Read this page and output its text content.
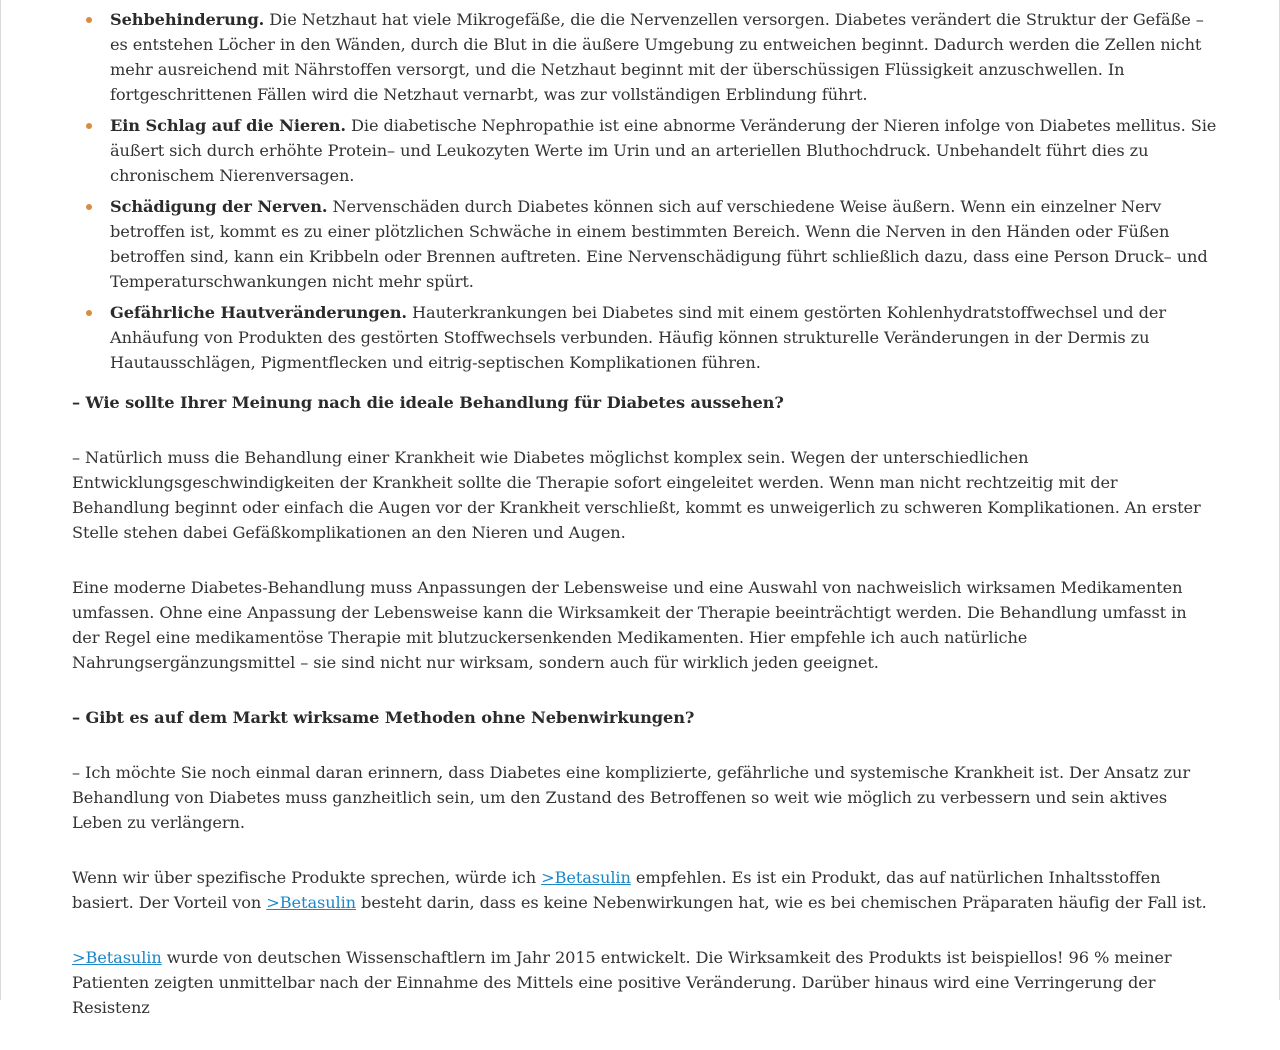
Sehbehinderung. Die Netzhaut hat viele Mikrogefäße, die die Nervenzellen versorgen. Diabetes verändert die Struktur der Gefäße – es entstehen Löcher in den Wänden, durch die Blut in die äußere Umgebung zu entweichen beginnt. Dadurch werden die Zellen nicht mehr ausreichend mit Nährstoffen versorgt, und die Netzhaut beginnt mit der überschüssigen Flüssigkeit anzuschwellen. In fortgeschrittenen Fällen wird die Netzhaut vernarbt, was zur vollständigen Erblindung führt.
Ein Schlag auf die Nieren. Die diabetische Nephropathie ist eine abnorme Veränderung der Nieren infolge von Diabetes mellitus. Sie äußert sich durch erhöhte Protein– und Leukozyten Werte im Urin und an arteriellen Bluthochdruck. Unbehandelt führt dies zu chronischem Nierenversagen.
Schädigung der Nerven. Nervenschäden durch Diabetes können sich auf verschiedene Weise äußern. Wenn ein einzelner Nerv betroffen ist, kommt es zu einer plötzlichen Schwäche in einem bestimmten Bereich. Wenn die Nerven in den Händen oder Füßen betroffen sind, kann ein Kribbeln oder Brennen auftreten. Eine Nervenschädigung führt schließlich dazu, dass eine Person Druck– und Temperaturschwankungen nicht mehr spürt.
Gefährliche Hautveränderungen. Hauterkrankungen bei Diabetes sind mit einem gestörten Kohlenhydratstoffwechsel und der Anhäufung von Produkten des gestörten Stoffwechsels verbunden. Häufig können strukturelle Veränderungen in der Dermis zu Hautausschlägen, Pigmentflecken und eitrig-septischen Komplikationen führen.

– Wie sollte Ihrer Meinung nach die ideale Behandlung für Diabetes aussehen?

– Natürlich muss die Behandlung einer Krankheit wie Diabetes möglichst komplex sein. Wegen der unterschiedlichen Entwicklungsgeschwindigkeiten der Krankheit sollte die Therapie sofort eingeleitet werden. Wenn man nicht rechtzeitig mit der Behandlung beginnt oder einfach die Augen vor der Krankheit verschließt, kommt es unweigerlich zu schweren Komplikationen. An erster Stelle stehen dabei Gefäßkomplikationen an den Nieren und Augen.

Eine moderne Diabetes-Behandlung muss Anpassungen der Lebensweise und eine Auswahl von nachweislich wirksamen Medikamenten umfassen. Ohne eine Anpassung der Lebensweise kann die Wirksamkeit der Therapie beeinträchtigt werden. Die Behandlung umfasst in der Regel eine medikamentöse Therapie mit blutzuckersenkenden Medikamenten. Hier empfehle ich auch natürliche Nahrungsergänzungsmittel – sie sind nicht nur wirksam, sondern auch für wirklich jeden geeignet.

– Gibt es auf dem Markt wirksame Methoden ohne Nebenwirkungen?

– Ich möchte Sie noch einmal daran erinnern, dass Diabetes eine komplizierte, gefährliche und systemische Krankheit ist. Der Ansatz zur Behandlung von Diabetes muss ganzheitlich sein, um den Zustand des Betroffenen so weit wie möglich zu verbessern und sein aktives Leben zu verlängern.

Wenn wir über spezifische Produkte sprechen, würde ich >Betasulin empfehlen. Es ist ein Produkt, das auf natürlichen Inhaltsstoffen basiert. Der Vorteil von >Betasulin besteht darin, dass es keine Nebenwirkungen hat, wie es bei chemischen Präparaten häufig der Fall ist.

>Betasulin wurde von deutschen Wissenschaftlern im Jahr 2015 entwickelt. Die Wirksamkeit des Produkts ist beispiellos! 96 % meiner Patienten zeigten unmittelbar nach der Einnahme des Mittels eine positive Veränderung. Darüber hinaus wird eine Verringerung der Resistenz
